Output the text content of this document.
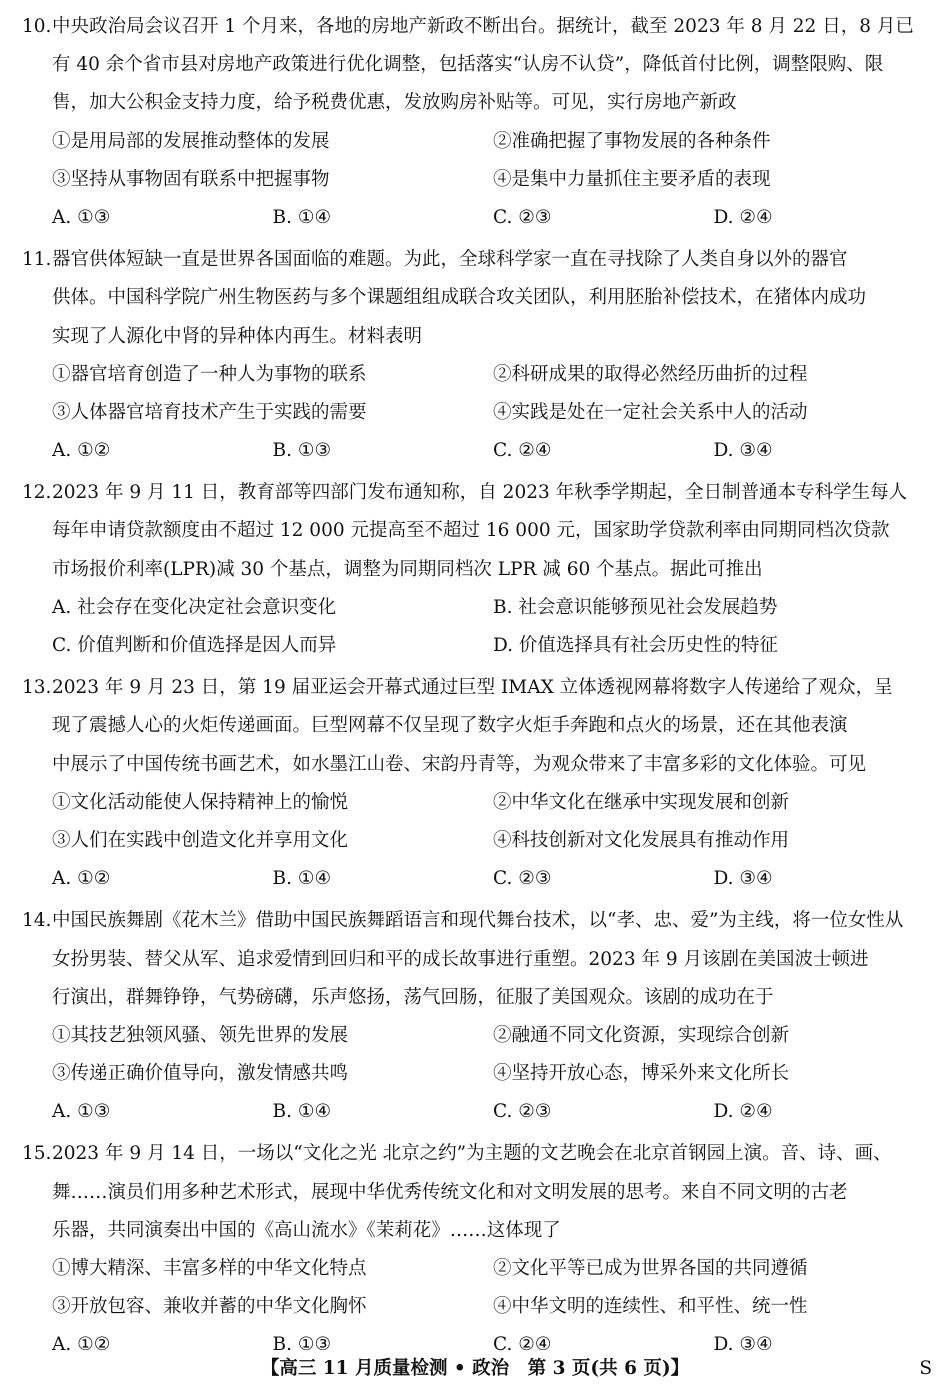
10. 中央政治局会议召开 1 个月来，各地的房地产新政不断出台。据统计，截至 2023 年 8 月 22 日，8 月已
有 40 余个省市县对房地产政策进行优化调整，包括落实“认房不认贷”，降低首付比例，调整限购、限
售，加大公积金支持力度，给予税费优惠，发放购房补贴等。可见，实行房地产新政
①是用局部的发展推动整体的发展	②准确把握了事物发展的各种条件
③坚持从事物固有联系中把握事物	④是集中力量抓住主要矛盾的表现
A. ①③	B. ①④	C. ②③	D. ②④
11. 器官供体短缺一直是世界各国面临的难题。为此，全球科学家一直在寻找除了人类自身以外的器官
供体。中国科学院广州生物医药与多个课题组组成联合攻关团队，利用胚胎补偿技术，在猪体内成功
实现了人源化中肾的异种体内再生。材料表明
①器官培育创造了一种人为事物的联系	②科研成果的取得必然经历曲折的过程
③人体器官培育技术产生于实践的需要	④实践是处在一定社会关系中人的活动
A. ①②	B. ①③	C. ②④	D. ③④
12. 2023 年 9 月 11 日，教育部等四部门发布通知称，自 2023 年秋季学期起，全日制普通本专科学生每人
每年申请贷款额度由不超过 12 000 元提高至不超过 16 000 元，国家助学贷款利率由同期同档次贷款
市场报价利率(LPR)减 30 个基点，调整为同期同档次 LPR 减 60 个基点。据此可推出
A. 社会存在变化决定社会意识变化	B. 社会意识能够预见社会发展趋势
C. 价值判断和价值选择是因人而异	D. 价值选择具有社会历史性的特征
13. 2023 年 9 月 23 日，第 19 届亚运会开幕式通过巨型 IMAX 立体透视网幕将数字人传递给了观众，呈
现了震撼人心的火炬传递画面。巨型网幕不仅呈现了数字火炬手奔跑和点火的场景，还在其他表演
中展示了中国传统书画艺术，如水墨江山卷、宋韵丹青等，为观众带来了丰富多彩的文化体验。可见
①文化活动能使人保持精神上的愉悦	②中华文化在继承中实现发展和创新
③人们在实践中创造文化并享用文化	④科技创新对文化发展具有推动作用
A. ①②	B. ①④	C. ②③	D. ③④
14. 中国民族舞剧《花木兰》借助中国民族舞蹈语言和现代舞台技术，以“孝、忠、爱”为主线，将一位女性从
女扮男装、替父从军、追求爱情到回归和平的成长故事进行重塑。2023 年 9 月该剧在美国波士顿进
行演出，群舞铮铮，气势磅礴，乐声悠扬，荡气回肠，征服了美国观众。该剧的成功在于
①其技艺独领风骚、领先世界的发展	②融通不同文化资源，实现综合创新
③传递正确价值导向，激发情感共鸣	④坚持开放心态，博采外来文化所长
A. ①③	B. ①④	C. ②③	D. ②④
15. 2023 年 9 月 14 日，一场以“文化之光 北京之约”为主题的文艺晚会在北京首钢园上演。音、诗、画、
舞……演员们用多种艺术形式，展现中华优秀传统文化和对文明发展的思考。来自不同文明的古老
乐器，共同演奏出中国的《高山流水》《茉莉花》……这体现了
①博大精深、丰富多样的中华文化特点	②文化平等已成为世界各国的共同遵循
③开放包容、兼收并蓄的中华文化胸怀	④中华文明的连续性、和平性、统一性
A. ①②	B. ①③	C. ②④	D. ③④
【高三 11 月质量检测 • 政治　第 3 页(共 6 页)】	S
